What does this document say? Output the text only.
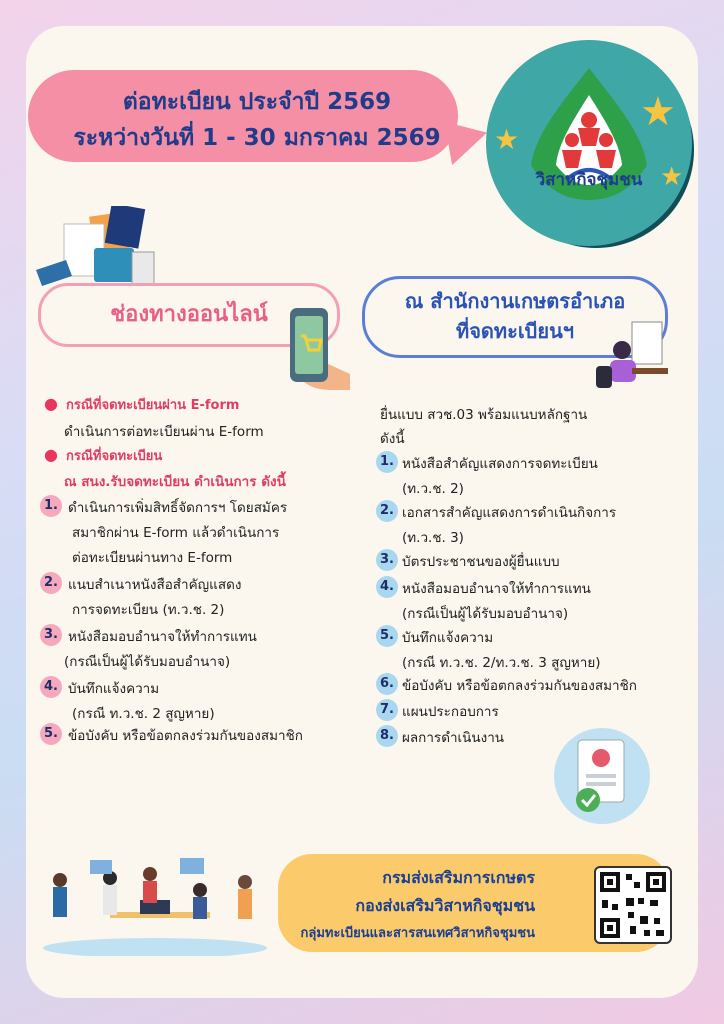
ต่อทะเบียน ประจำปี 2569
ระหว่างวันที่ 1 - 30 มกราคม 2569
วิสาหกิจชุมชน
★
★
★
ช่องทางออนไลน์
ณ สำนักงานเกษตรอำเภอ
ที่จดทะเบียนฯ
● กรณีที่จดทะเบียนผ่าน E-form
ดำเนินการต่อทะเบียนผ่าน E-form
● กรณีที่จดทะเบียน
ณ สนง.รับจดทะเบียน ดำเนินการ ดังนี้
1. ดำเนินการเพิ่มสิทธิ์จัดการฯ โดยสมัคร
สมาชิกผ่าน E-form แล้วดำเนินการ
ต่อทะเบียนผ่านทาง E-form
2. แนบสำเนาหนังสือสำคัญแสดง
การจดทะเบียน (ท.ว.ช. 2)
3. หนังสือมอบอำนาจให้ทำการแทน
(กรณีเป็นผู้ได้รับมอบอำนาจ)
4. บันทึกแจ้งความ
(กรณี ท.ว.ช. 2 สูญหาย)
5. ข้อบังคับ หรือข้อตกลงร่วมกันของสมาชิก
ยื่นแบบ สวช.03 พร้อมแนบหลักฐาน
ดังนี้
1. หนังสือสำคัญแสดงการจดทะเบียน
(ท.ว.ช. 2)
2. เอกสารสำคัญแสดงการดำเนินกิจการ
(ท.ว.ช. 3)
3. บัตรประชาชนของผู้ยื่นแบบ
4. หนังสือมอบอำนาจให้ทำการแทน
(กรณีเป็นผู้ได้รับมอบอำนาจ)
5. บันทึกแจ้งความ
(กรณี ท.ว.ช. 2/ท.ว.ช. 3 สูญหาย)
6. ข้อบังคับ หรือข้อตกลงร่วมกันของสมาชิก
7. แผนประกอบการ
8. ผลการดำเนินงาน
กรมส่งเสริมการเกษตร
กองส่งเสริมวิสาหกิจชุมชน
กลุ่มทะเบียนและสารสนเทศวิสาหกิจชุมชน
